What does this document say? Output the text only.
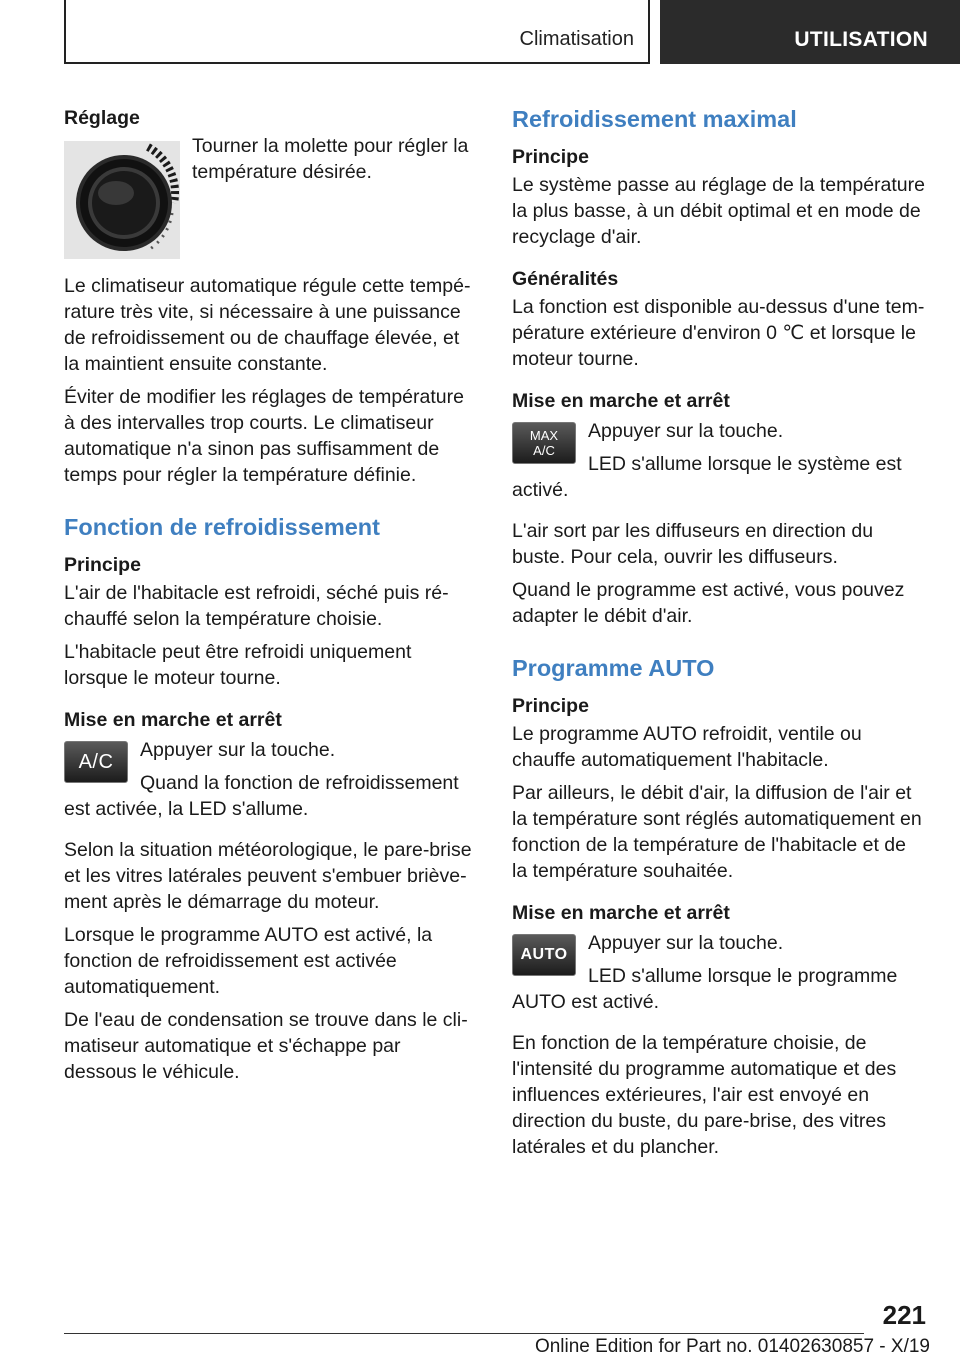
Climatisation	UTILISATION
Réglage

Tourner la molette pour régler la température désirée.

Le climatiseur automatique régule cette température très vite, si nécessaire à une puissance de refroidissement ou de chauffage élevée, et la maintient ensuite constante.

Éviter de modifier les réglages de température à des intervalles trop courts. Le climatiseur automatique n'a sinon pas suffisamment de temps pour régler la température définie.

Fonction de refroidissement
Principe

L'air de l'habitacle est refroidi, séché puis réchauffé selon la température choisie.

L'habitacle peut être refroidi uniquement lorsque le moteur tourne.

Mise en marche et arrêt
A/C

Appuyer sur la touche.

Quand la fonction de refroidissement est activée, la LED s'allume.

Selon la situation météorologique, le pare-brise et les vitres latérales peuvent s'embuer brièvement après le démarrage du moteur.

Lorsque le programme AUTO est activé, la fonction de refroidissement est activée automatiquement.

De l'eau de condensation se trouve dans le climatiseur automatique et s'échappe par dessous le véhicule.

Refroidissement maximal
Principe

Le système passe au réglage de la température la plus basse, à un débit optimal et en mode de recyclage d'air.

Généralités

La fonction est disponible au-dessus d'une température extérieure d'environ 0 ℃ et lorsque le moteur tourne.

Mise en marche et arrêt
MAX
A/C

Appuyer sur la touche.

LED s'allume lorsque le système est activé.

L'air sort par les diffuseurs en direction du buste. Pour cela, ouvrir les diffuseurs.

Quand le programme est activé, vous pouvez adapter le débit d'air.

Programme AUTO
Principe

Le programme AUTO refroidit, ventile ou chauffe automatiquement l'habitacle.

Par ailleurs, le débit d'air, la diffusion de l'air et la température sont réglés automatiquement en fonction de la température de l'habitacle et de la température souhaitée.

Mise en marche et arrêt
AUTO

Appuyer sur la touche.

LED s'allume lorsque le programme AUTO est activé.

En fonction de la température choisie, de l'intensité du programme automatique et des influences extérieures, l'air est envoyé en direction du buste, du pare-brise, des vitres latérales et du plancher.

221
Online Edition for Part no. 01402630857 - X/19
